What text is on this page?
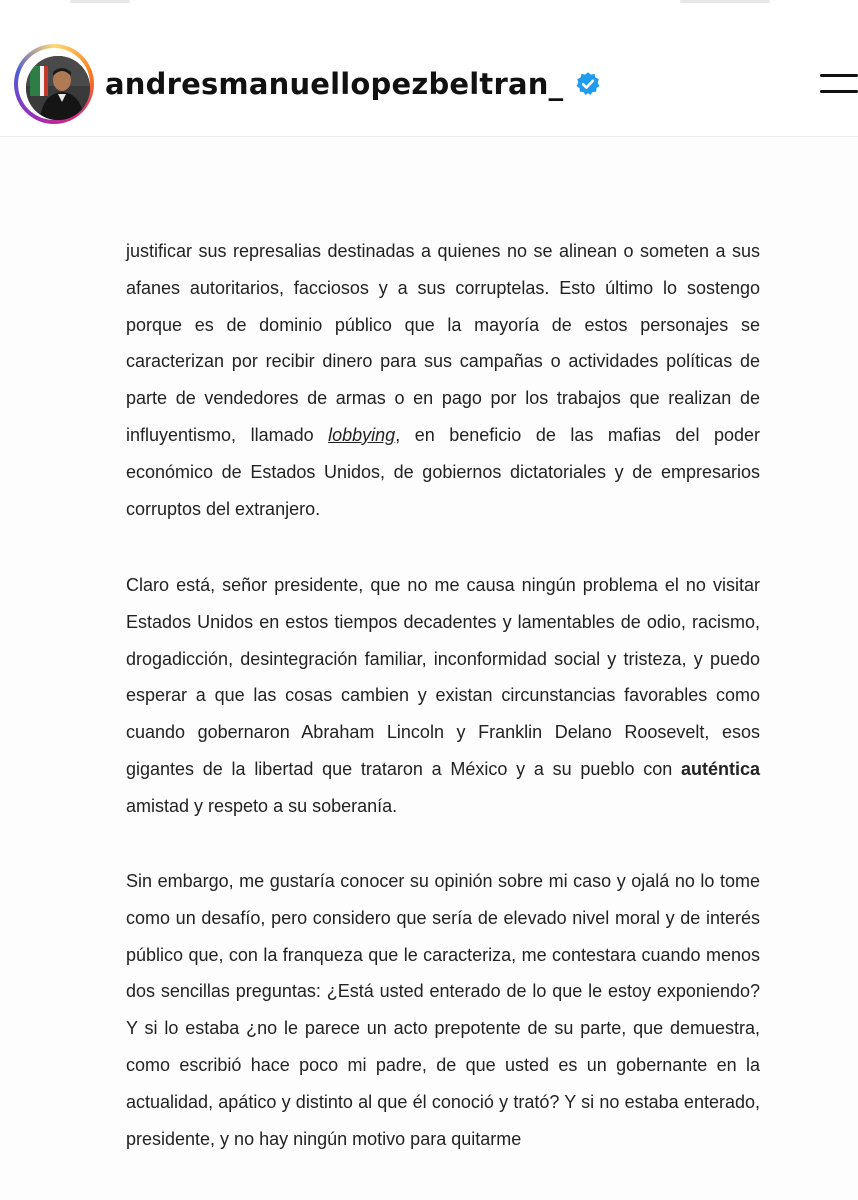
andresmanuellopezbeltran_

justificar sus represalias destinadas a quienes no se alinean o someten a sus afanes autoritarios, facciosos y a sus corruptelas. Esto último lo sostengo porque es de dominio público que la mayoría de estos personajes se caracterizan por recibir dinero para sus campañas o actividades políticas de parte de vendedores de armas o en pago por los trabajos que realizan de influyentismo, llamado lobbying, en beneficio de las mafias del poder económico de Estados Unidos, de gobiernos dictatoriales y de empresarios corruptos del extranjero.

Claro está, señor presidente, que no me causa ningún problema el no visitar Estados Unidos en estos tiempos decadentes y lamentables de odio, racismo, drogadicción, desintegración familiar, inconformidad social y tristeza, y puedo esperar a que las cosas cambien y existan circunstancias favorables como cuando gobernaron Abraham Lincoln y Franklin Delano Roosevelt, esos gigantes de la libertad que trataron a México y a su pueblo con auténtica amistad y respeto a su soberanía.

Sin embargo, me gustaría conocer su opinión sobre mi caso y ojalá no lo tome como un desafío, pero considero que sería de elevado nivel moral y de interés público que, con la franqueza que le caracteriza, me contestara cuando menos dos sencillas preguntas: ¿Está usted enterado de lo que le estoy exponiendo? Y si lo estaba ¿no le parece un acto prepotente de su parte, que demuestra, como escribió hace poco mi padre, de que usted es un gobernante en la actualidad, apático y distinto al que él conoció y trató? Y si no estaba enterado, presidente, y no hay ningún motivo para quitarme
